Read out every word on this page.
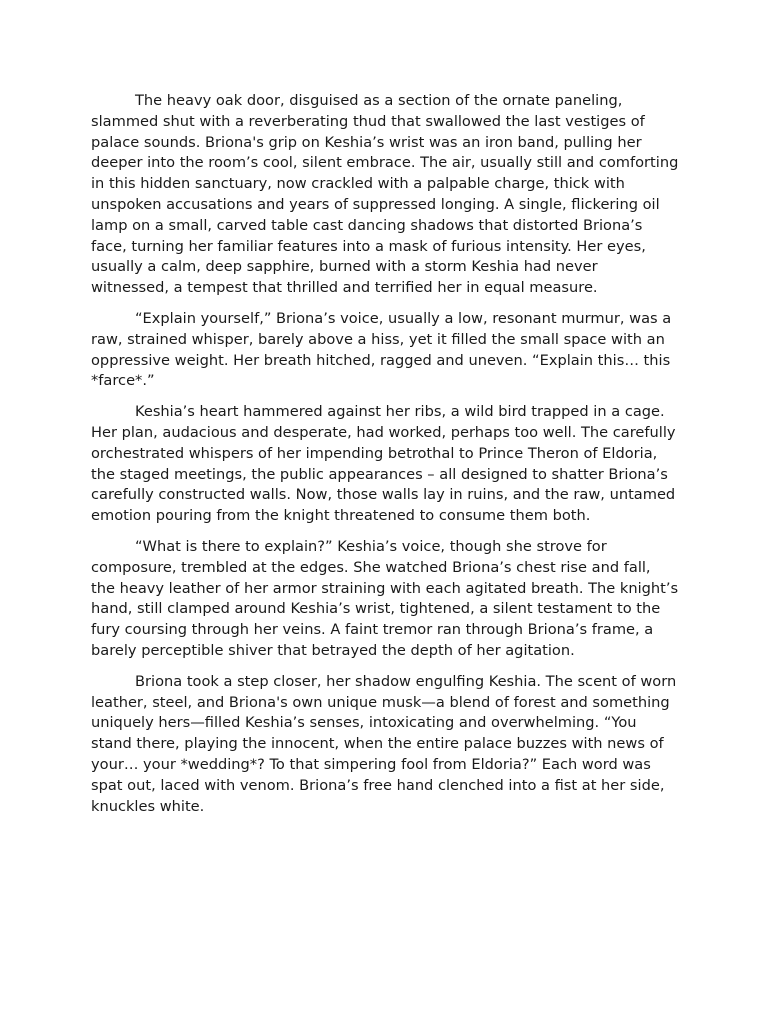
The heavy oak door, disguised as a section of the ornate paneling, slammed shut with a reverberating thud that swallowed the last vestiges of palace sounds. Briona's grip on Keshia’s wrist was an iron band, pulling her deeper into the room’s cool, silent embrace. The air, usually still and comforting in this hidden sanctuary, now crackled with a palpable charge, thick with unspoken accusations and years of suppressed longing. A single, flickering oil lamp on a small, carved table cast dancing shadows that distorted Briona’s face, turning her familiar features into a mask of furious intensity. Her eyes, usually a calm, deep sapphire, burned with a storm Keshia had never witnessed, a tempest that thrilled and terrified her in equal measure.

“Explain yourself,” Briona’s voice, usually a low, resonant murmur, was a raw, strained whisper, barely above a hiss, yet it filled the small space with an oppressive weight. Her breath hitched, ragged and uneven. “Explain this… this *farce*.”

Keshia’s heart hammered against her ribs, a wild bird trapped in a cage. Her plan, audacious and desperate, had worked, perhaps too well. The carefully orchestrated whispers of her impending betrothal to Prince Theron of Eldoria, the staged meetings, the public appearances – all designed to shatter Briona’s carefully constructed walls. Now, those walls lay in ruins, and the raw, untamed emotion pouring from the knight threatened to consume them both.

“What is there to explain?” Keshia’s voice, though she strove for composure, trembled at the edges. She watched Briona’s chest rise and fall, the heavy leather of her armor straining with each agitated breath. The knight’s hand, still clamped around Keshia’s wrist, tightened, a silent testament to the fury coursing through her veins. A faint tremor ran through Briona’s frame, a barely perceptible shiver that betrayed the depth of her agitation.

Briona took a step closer, her shadow engulfing Keshia. The scent of worn leather, steel, and Briona's own unique musk—a blend of forest and something uniquely hers—filled Keshia’s senses, intoxicating and overwhelming. “You stand there, playing the innocent, when the entire palace buzzes with news of your… your *wedding*? To that simpering fool from Eldoria?” Each word was spat out, laced with venom. Briona’s free hand clenched into a fist at her side, knuckles white.
